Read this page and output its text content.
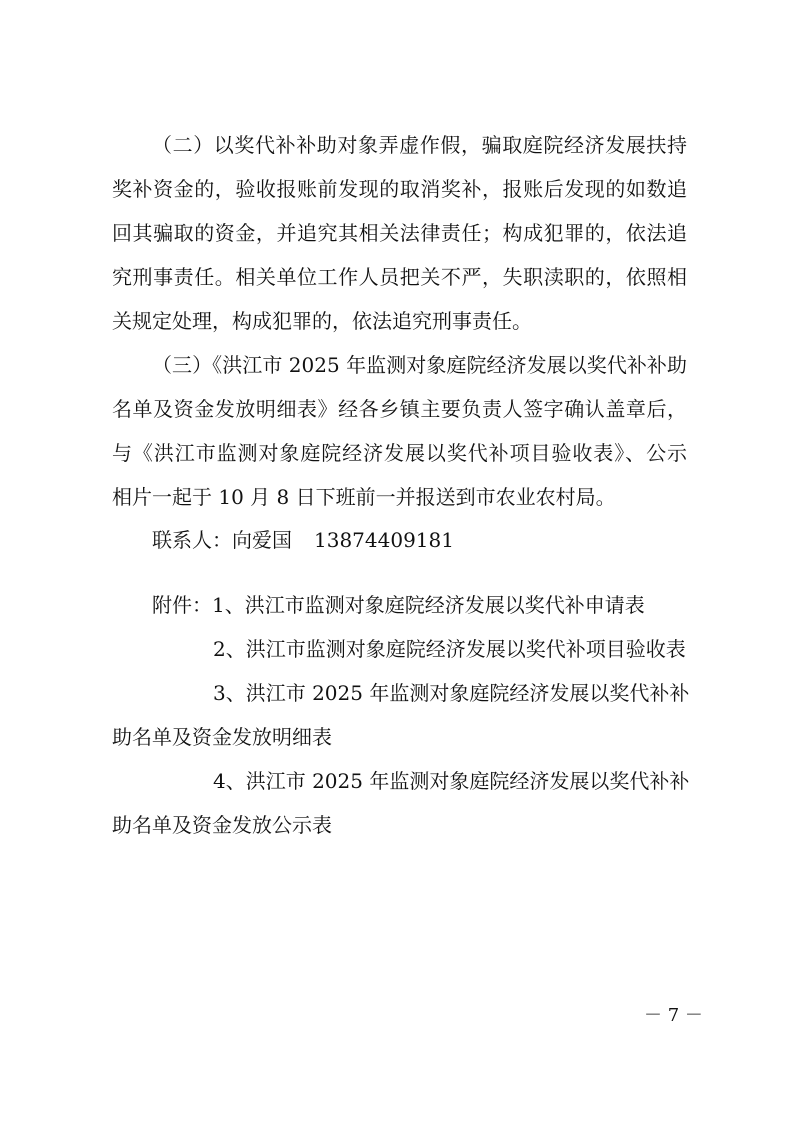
（二）以奖代补补助对象弄虚作假，骗取庭院经济发展扶持
奖补资金的，验收报账前发现的取消奖补，报账后发现的如数追
回其骗取的资金，并追究其相关法律责任；构成犯罪的，依法追
究刑事责任。相关单位工作人员把关不严，失职渎职的，依照相
关规定处理，构成犯罪的，依法追究刑事责任。
（三）《洪江市 2025 年监测对象庭院经济发展以奖代补补助
名单及资金发放明细表》经各乡镇主要负责人签字确认盖章后，
与《洪江市监测对象庭院经济发展以奖代补项目验收表》、公示
相片一起于 10 月 8 日下班前一并报送到市农业农村局。
联系人：向爱国 13874409181
附件：1、洪江市监测对象庭院经济发展以奖代补申请表
2、洪江市监测对象庭院经济发展以奖代补项目验收表
3、洪江市 2025 年监测对象庭院经济发展以奖代补补
助名单及资金发放明细表
4、洪江市 2025 年监测对象庭院经济发展以奖代补补
助名单及资金发放公示表
－ 7 －
